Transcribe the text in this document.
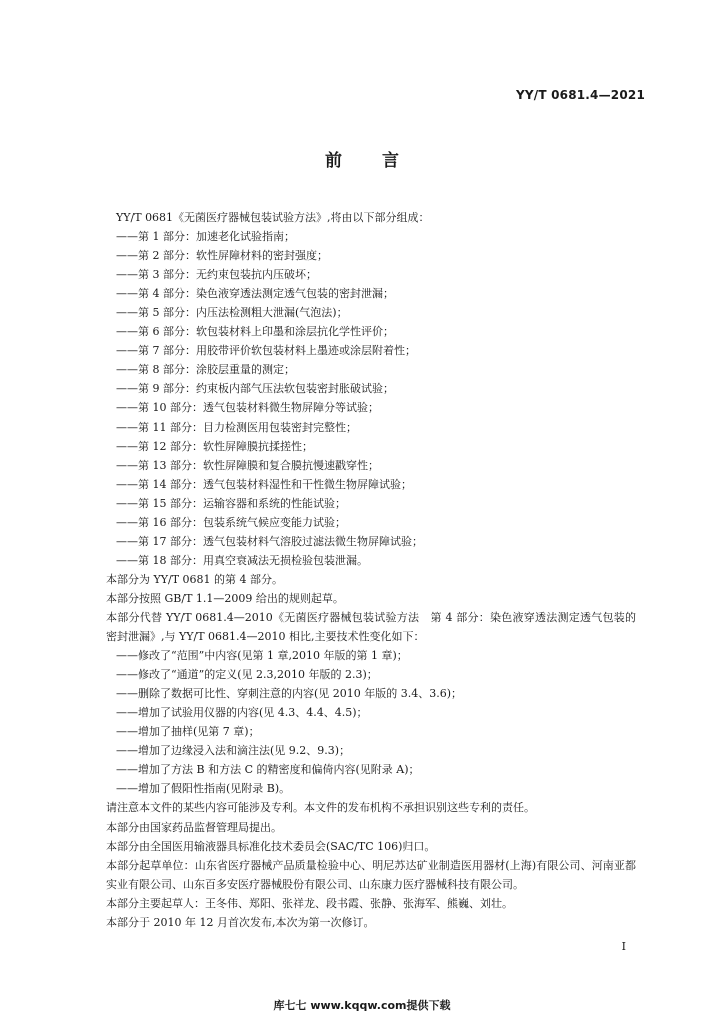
YY/T 0681.4—2021
前言

YY/T 0681《无菌医疗器械包装试验方法》,将由以下部分组成：

——第 1 部分：加速老化试验指南；

——第 2 部分：软性屏障材料的密封强度；

——第 3 部分：无约束包装抗内压破坏；

——第 4 部分：染色液穿透法测定透气包装的密封泄漏；

——第 5 部分：内压法检测粗大泄漏(气泡法)；

——第 6 部分：软包装材料上印墨和涂层抗化学性评价；

——第 7 部分：用胶带评价软包装材料上墨迹或涂层附着性；

——第 8 部分：涂胶层重量的测定；

——第 9 部分：约束板内部气压法软包装密封胀破试验；

——第 10 部分：透气包装材料微生物屏障分等试验；

——第 11 部分：目力检测医用包装密封完整性；

——第 12 部分：软性屏障膜抗揉搓性；

——第 13 部分：软性屏障膜和复合膜抗慢速戳穿性；

——第 14 部分：透气包装材料湿性和干性微生物屏障试验；

——第 15 部分：运输容器和系统的性能试验；

——第 16 部分：包装系统气候应变能力试验；

——第 17 部分：透气包装材料气溶胶过滤法微生物屏障试验；

——第 18 部分：用真空衰减法无损检验包装泄漏。

本部分为 YY/T 0681 的第 4 部分。

本部分按照 GB/T 1.1—2009 给出的规则起草。

本部分代替 YY/T 0681.4—2010《无菌医疗器械包装试验方法　第 4 部分：染色液穿透法测定透气包装的密封泄漏》,与 YY/T 0681.4—2010 相比,主要技术性变化如下：

——修改了“范围”中内容(见第 1 章,2010 年版的第 1 章)；

——修改了“通道”的定义(见 2.3,2010 年版的 2.3)；

——删除了数据可比性、穿刺注意的内容(见 2010 年版的 3.4、3.6)；

——增加了试验用仪器的内容(见 4.3、4.4、4.5)；

——增加了抽样(见第 7 章)；

——增加了边缘浸入法和滴注法(见 9.2、9.3)；

——增加了方法 B 和方法 C 的精密度和偏倚内容(见附录 A)；

——增加了假阳性指南(见附录 B)。

请注意本文件的某些内容可能涉及专利。本文件的发布机构不承担识别这些专利的责任。

本部分由国家药品监督管理局提出。

本部分由全国医用输液器具标准化技术委员会(SAC/TC 106)归口。

本部分起草单位：山东省医疗器械产品质量检验中心、明尼苏达矿业制造医用器材(上海)有限公司、河南亚都实业有限公司、山东百多安医疗器械股份有限公司、山东康力医疗器械科技有限公司。

本部分主要起草人：王冬伟、郑阳、张祥龙、段书霞、张静、张海军、熊巍、刘壮。

本部分于 2010 年 12 月首次发布,本次为第一次修订。

I
库七七 www.kqqw.com提供下载
